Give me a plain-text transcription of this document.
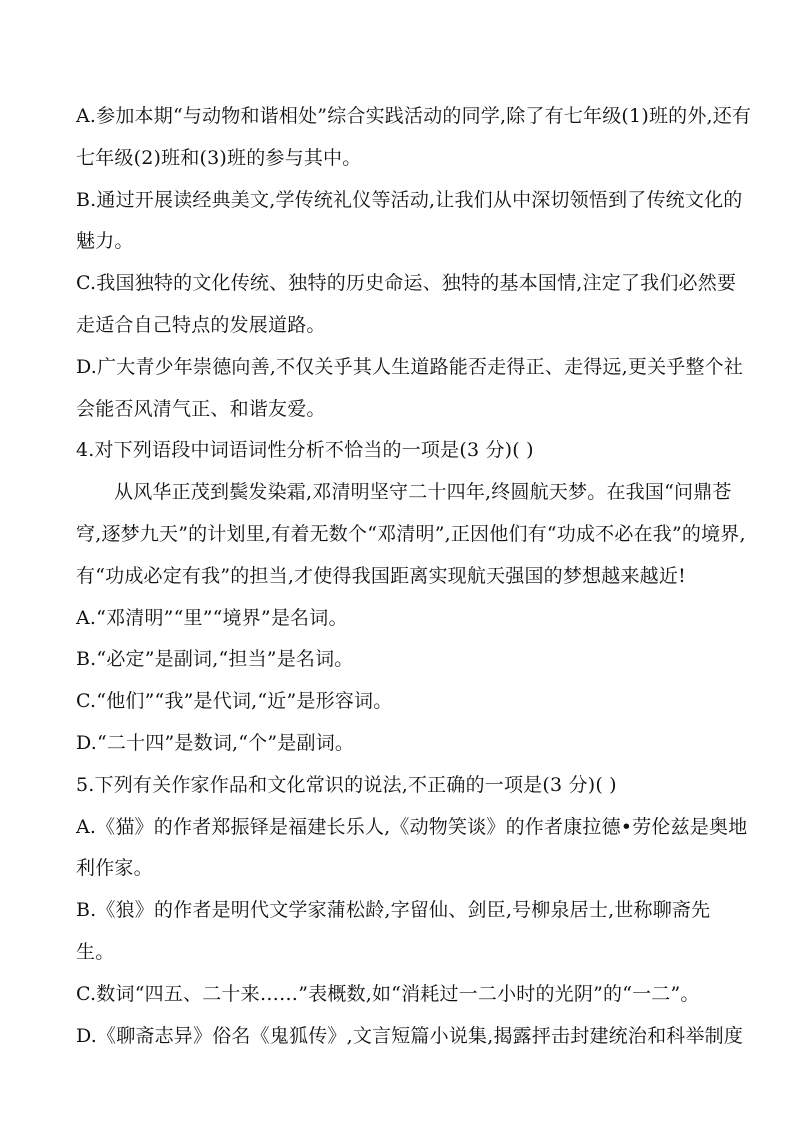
A.参加本期“与动物和谐相处”综合实践活动的同学,除了有七年级(1)班的外,还有
七年级(2)班和(3)班的参与其中。
B.通过开展读经典美文,学传统礼仪等活动,让我们从中深切领悟到了传统文化的
魅力。
C.我国独特的文化传统、独特的历史命运、独特的基本国情,注定了我们必然要
走适合自己特点的发展道路。
D.广大青少年崇德向善,不仅关乎其人生道路能否走得正、走得远,更关乎整个社
会能否风清气正、和谐友爱。
4.对下列语段中词语词性分析不恰当的一项是(3 分)( )
从风华正茂到鬓发染霜,邓清明坚守二十四年,终圆航天梦。在我国“问鼎苍
穹,逐梦九天”的计划里,有着无数个“邓清明”,正因他们有“功成不必在我”的境界,
有“功成必定有我”的担当,才使得我国距离实现航天强国的梦想越来越近!
A.“邓清明”“里”“境界”是名词。
B.“必定”是副词,“担当”是名词。
C.“他们”“我”是代词,“近”是形容词。
D.“二十四”是数词,“个”是副词。
5.下列有关作家作品和文化常识的说法,不正确的一项是(3 分)( )
A.《猫》的作者郑振铎是福建长乐人,《动物笑谈》的作者康拉德•劳伦兹是奥地
利作家。
B.《狼》的作者是明代文学家蒲松龄,字留仙、剑臣,号柳泉居士,世称聊斋先
生。
C.数词“四五、二十来……”表概数,如“消耗过一二小时的光阴”的“一二”。
D.《聊斋志异》俗名《鬼狐传》,文言短篇小说集,揭露抨击封建统治和科举制度
